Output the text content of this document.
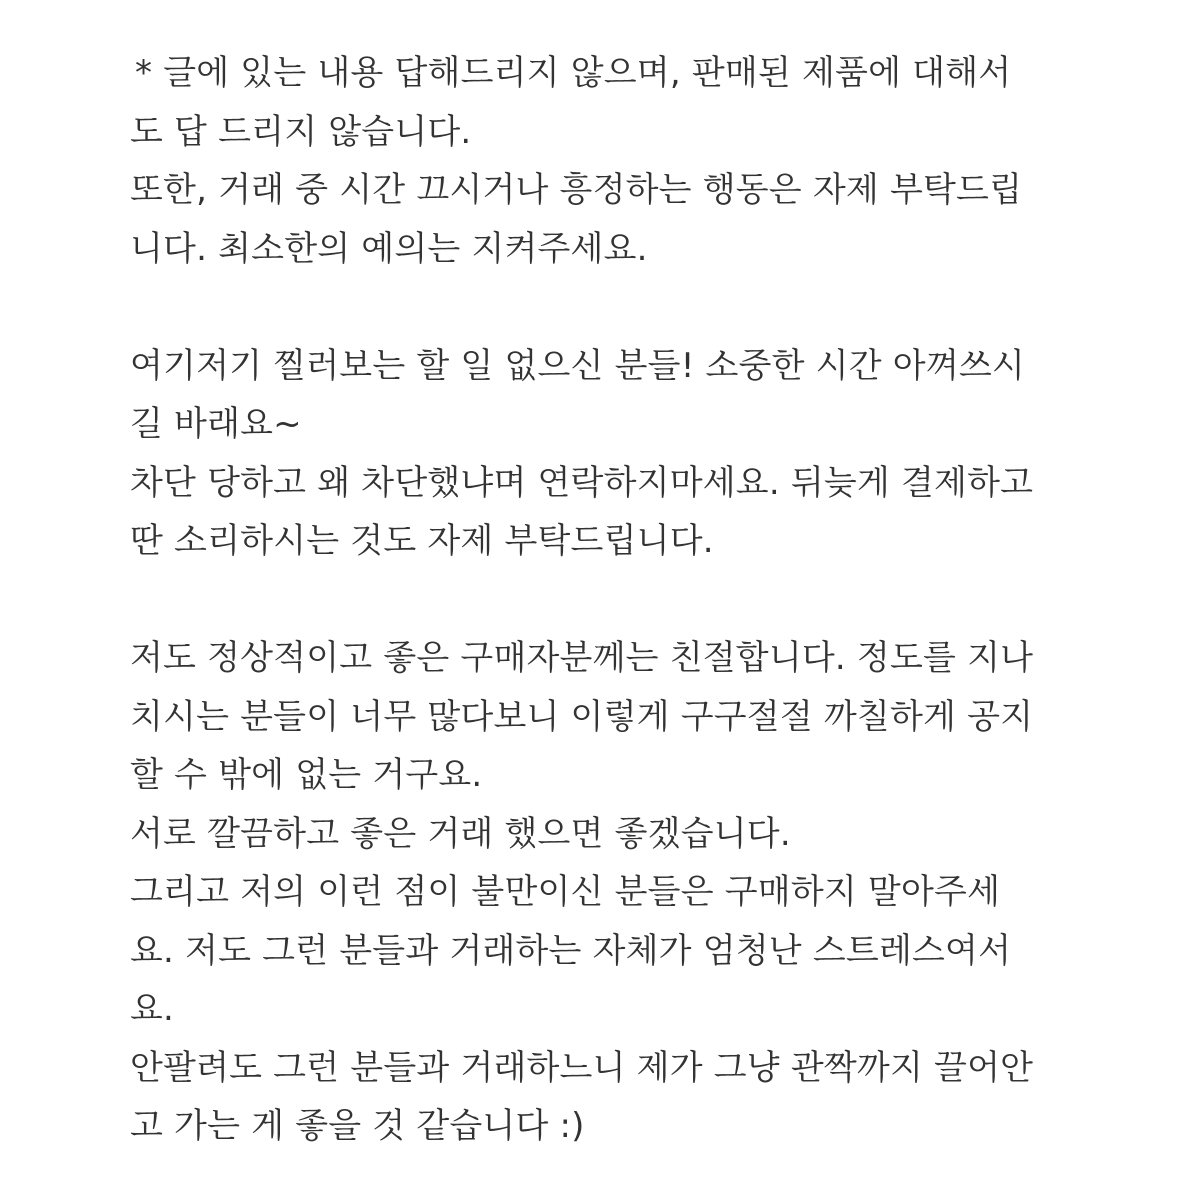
* 글에 있는 내용 답해드리지 않으며, 판매된 제품에 대해서
도 답 드리지 않습니다.
또한, 거래 중 시간 끄시거나 흥정하는 행동은 자제 부탁드립
니다. 최소한의 예의는 지켜주세요.
여기저기 찔러보는 할 일 없으신 분들! 소중한 시간 아껴쓰시
길 바래요~
차단 당하고 왜 차단했냐며 연락하지마세요. 뒤늦게 결제하고
딴 소리하시는 것도 자제 부탁드립니다.
저도 정상적이고 좋은 구매자분께는 친절합니다. 정도를 지나
치시는 분들이 너무 많다보니 이렇게 구구절절 까칠하게 공지
할 수 밖에 없는 거구요.
서로 깔끔하고 좋은 거래 했으면 좋겠습니다.
그리고 저의 이런 점이 불만이신 분들은 구매하지 말아주세
요. 저도 그런 분들과 거래하는 자체가 엄청난 스트레스여서
요.
안팔려도 그런 분들과 거래하느니 제가 그냥 관짝까지 끌어안
고 가는 게 좋을 것 같습니다 :)
